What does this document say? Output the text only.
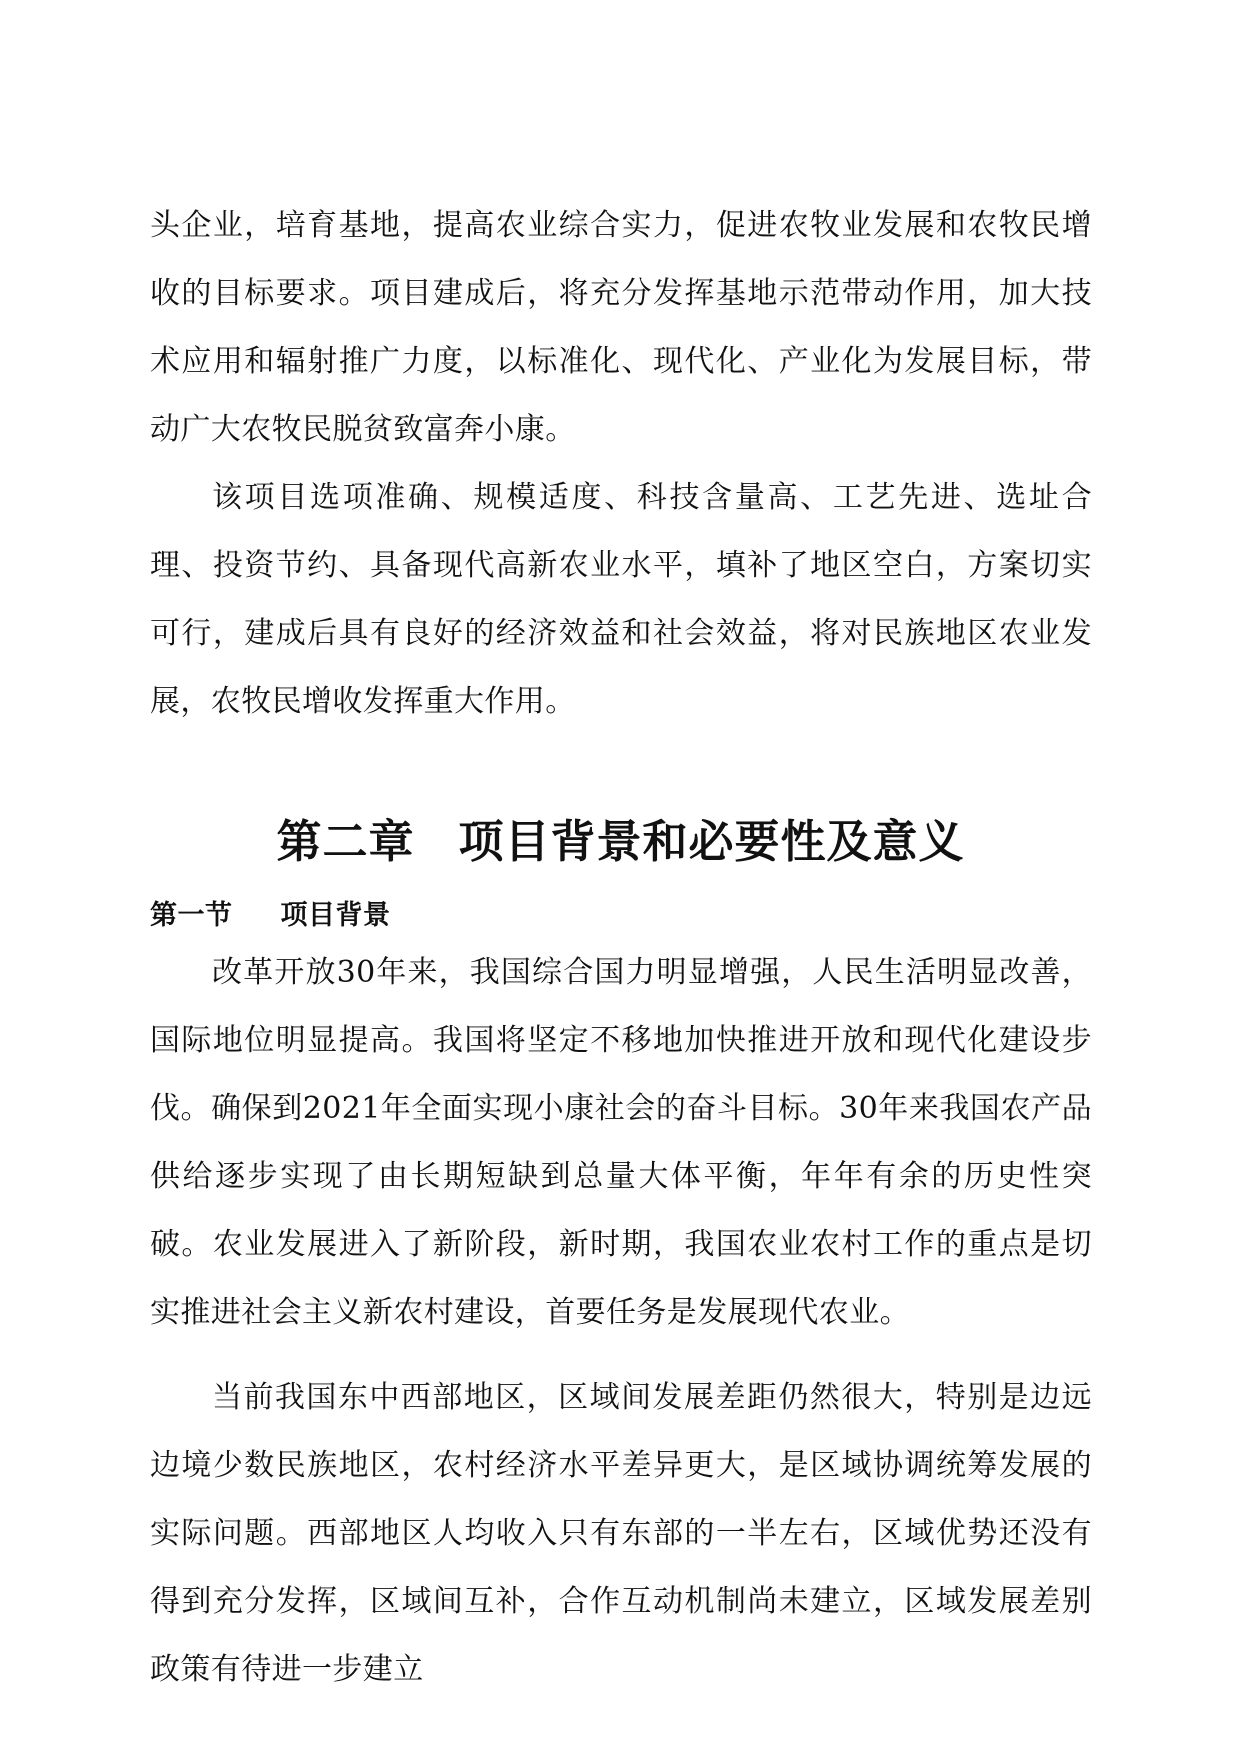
头企业，培育基地，提高农业综合实力，促进农牧业发展和农牧民增收的目标要求。项目建成后，将充分发挥基地示范带动作用，加大技术应用和辐射推广力度，以标准化、现代化、产业化为发展目标，带动广大农牧民脱贫致富奔小康。
该项目选项准确、规模适度、科技含量高、工艺先进、选址合理、投资节约、具备现代高新农业水平，填补了地区空白，方案切实可行，建成后具有良好的经济效益和社会效益，将对民族地区农业发展，农牧民增收发挥重大作用。
第二章 项目背景和必要性及意义
第一节 项目背景
改革开放30年来，我国综合国力明显增强，人民生活明显改善，国际地位明显提高。我国将坚定不移地加快推进开放和现代化建设步伐。确保到2021年全面实现小康社会的奋斗目标。30年来我国农产品供给逐步实现了由长期短缺到总量大体平衡，年年有余的历史性突破。农业发展进入了新阶段，新时期，我国农业农村工作的重点是切实推进社会主义新农村建设，首要任务是发展现代农业。
当前我国东中西部地区，区域间发展差距仍然很大，特别是边远边境少数民族地区，农村经济水平差异更大，是区域协调统筹发展的实际问题。西部地区人均收入只有东部的一半左右，区域优势还没有得到充分发挥，区域间互补，合作互动机制尚未建立，区域发展差别政策有待进一步建立
